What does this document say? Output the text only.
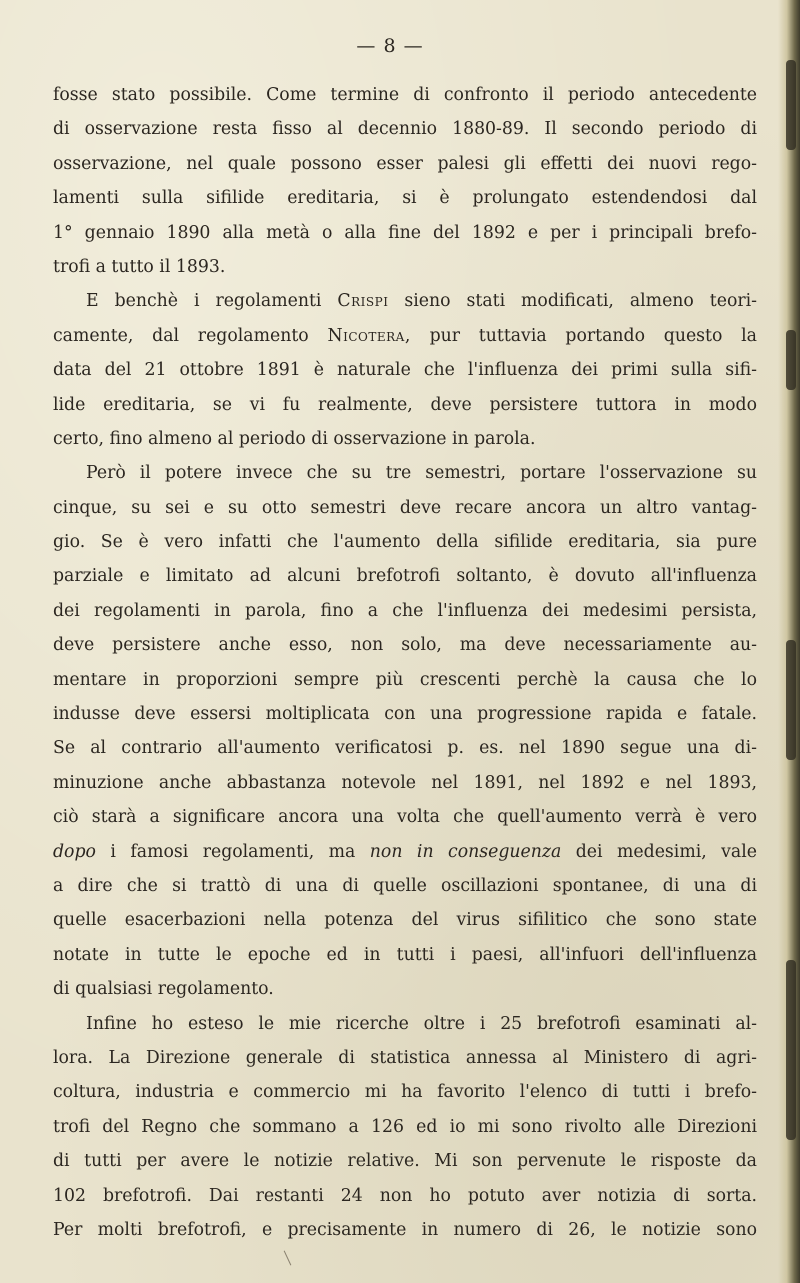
— 8 —
fosse stato possibile. Come termine di confronto il periodo antecedente
di osservazione resta fisso al decennio 1880-89. Il secondo periodo di
osservazione, nel quale possono esser palesi gli effetti dei nuovi rego-
lamenti sulla sifilide ereditaria, si è prolungato estendendosi dal
1° gennaio 1890 alla metà o alla fine del 1892 e per i principali brefo-
trofi a tutto il 1893.
E benchè i regolamenti Crispi sieno stati modificati, almeno teori-
camente, dal regolamento Nicotera, pur tuttavia portando questo la
data del 21 ottobre 1891 è naturale che l'influenza dei primi sulla sifi-
lide ereditaria, se vi fu realmente, deve persistere tuttora in modo
certo, fino almeno al periodo di osservazione in parola.
Però il potere invece che su tre semestri, portare l'osservazione su
cinque, su sei e su otto semestri deve recare ancora un altro vantag-
gio. Se è vero infatti che l'aumento della sifilide ereditaria, sia pure
parziale e limitato ad alcuni brefotrofi soltanto, è dovuto all'influenza
dei regolamenti in parola, fino a che l'influenza dei medesimi persista,
deve persistere anche esso, non solo, ma deve necessariamente au-
mentare in proporzioni sempre più crescenti perchè la causa che lo
indusse deve essersi moltiplicata con una progressione rapida e fatale.
Se al contrario all'aumento verificatosi p. es. nel 1890 segue una di-
minuzione anche abbastanza notevole nel 1891, nel 1892 e nel 1893,
ciò starà a significare ancora una volta che quell'aumento verrà è vero
dopo i famosi regolamenti, ma non in conseguenza dei medesimi, vale
a dire che si trattò di una di quelle oscillazioni spontanee, di una di
quelle esacerbazioni nella potenza del virus sifilitico che sono state
notate in tutte le epoche ed in tutti i paesi, all'infuori dell'influenza
di qualsiasi regolamento.
Infine ho esteso le mie ricerche oltre i 25 brefotrofi esaminati al-
lora. La Direzione generale di statistica annessa al Ministero di agri-
coltura, industria e commercio mi ha favorito l'elenco di tutti i brefo-
trofi del Regno che sommano a 126 ed io mi sono rivolto alle Direzioni
di tutti per avere le notizie relative. Mi son pervenute le risposte da
102 brefotrofi. Dai restanti 24 non ho potuto aver notizia di sorta.
Per molti brefotrofi, e precisamente in numero di 26, le notizie sono
